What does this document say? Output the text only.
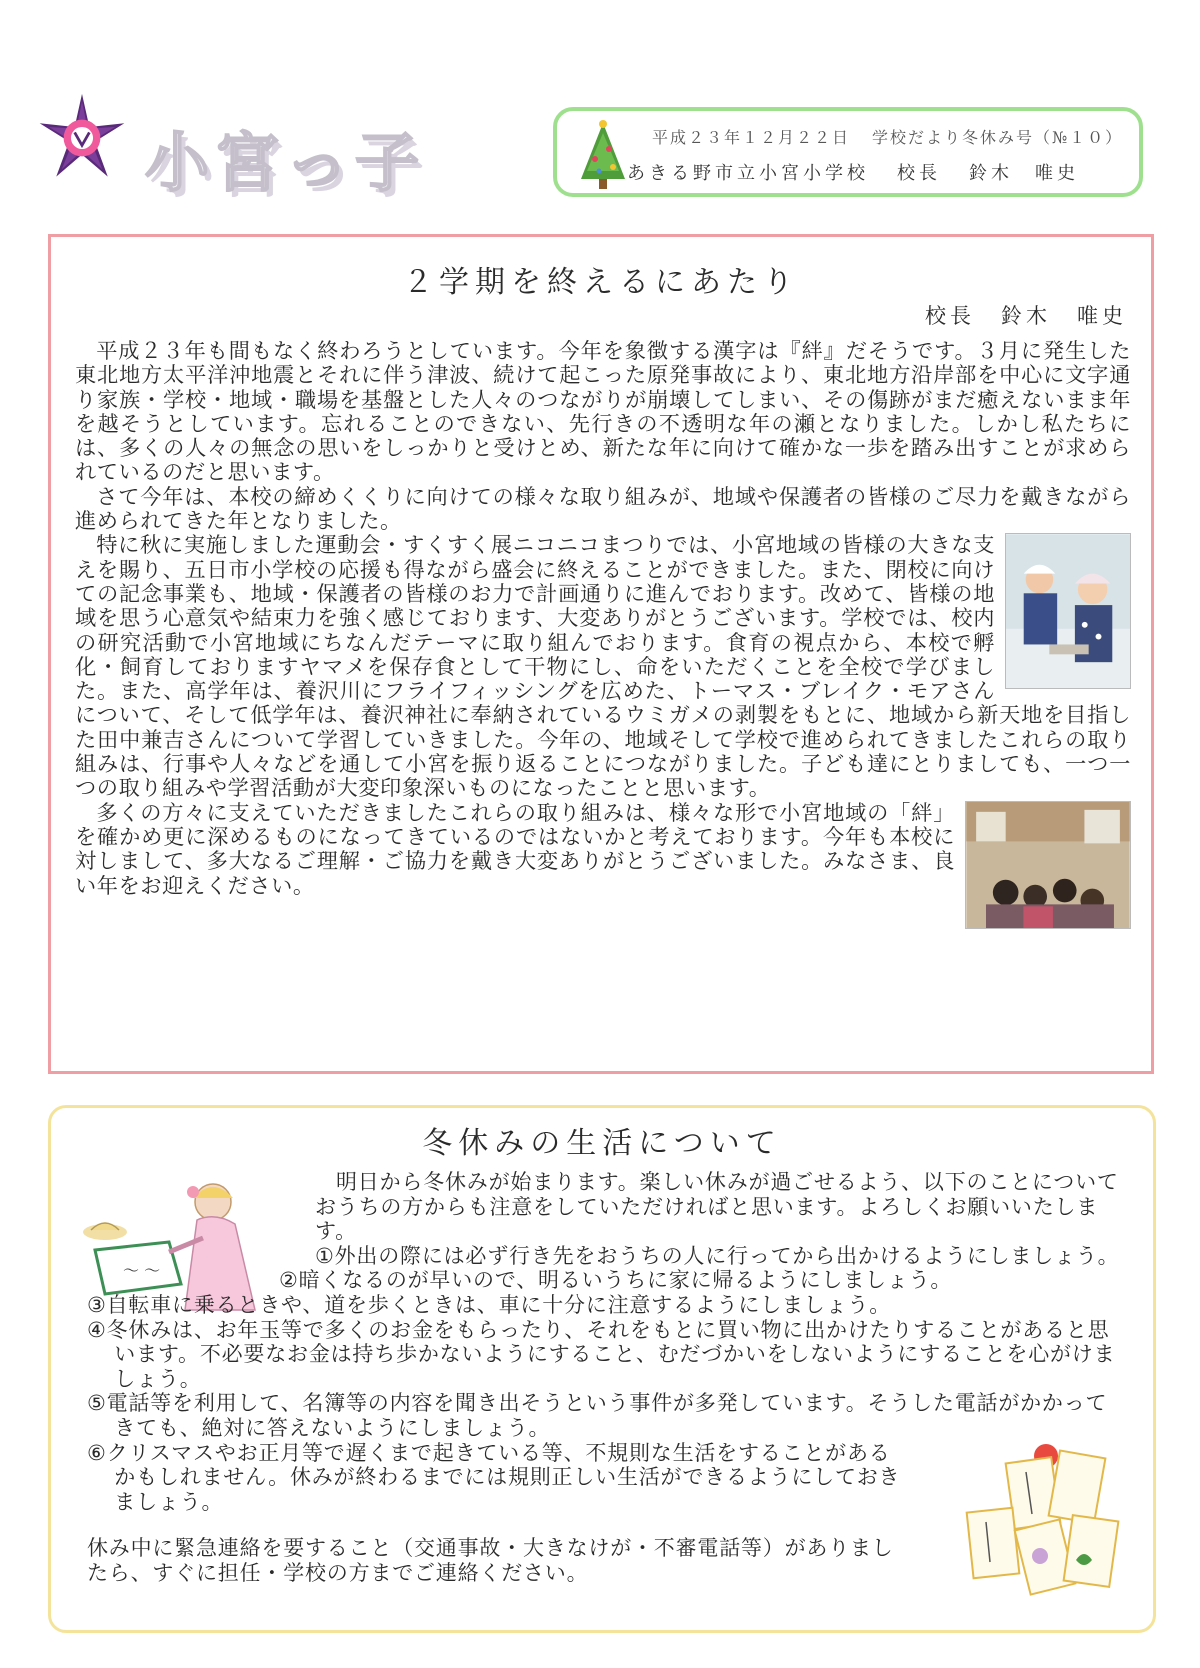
小宮っ子	平成２３年１２月２２日 学校だより冬休み号（№１０）
あきる野市立小宮小学校 校長 鈴木 唯史
２学期を終えるにあたり
校長 鈴木 唯史

平成２３年も間もなく終わろうとしています。今年を象徴する漢字は『絆』だそうです。３月に発生した東北地方太平洋沖地震とそれに伴う津波、続けて起こった原発事故により、東北地方沿岸部を中心に文字通り家族・学校・地域・職場を基盤とした人々のつながりが崩壊してしまい、その傷跡がまだ癒えないまま年を越そうとしています。忘れることのできない、先行きの不透明な年の瀬となりました。しかし私たちには、多くの人々の無念の思いをしっかりと受けとめ、新たな年に向けて確かな一歩を踏み出すことが求められているのだと思います。

さて今年は、本校の締めくくりに向けての様々な取り組みが、地域や保護者の皆様のご尽力を戴きながら進められてきた年となりました。

特に秋に実施しました運動会・すくすく展ニコニコまつりでは、小宮地域の皆様の大きな支えを賜り、五日市小学校の応援も得ながら盛会に終えることができました。また、閉校に向けての記念事業も、地域・保護者の皆様のお力で計画通りに進んでおります。改めて、皆様の地域を思う心意気や結束力を強く感じております、大変ありがとうございます。学校では、校内の研究活動で小宮地域にちなんだテーマに取り組んでおります。食育の視点から、本校で孵化・飼育しておりますヤマメを保存食として干物にし、命をいただくことを全校で学びました。また、高学年は、養沢川にフライフィッシングを広めた、トーマス・ブレイク・モアさんについて、そして低学年は、養沢神社に奉納されているウミガメの剥製をもとに、地域から新天地を目指した田中兼吉さんについて学習していきました。今年の、地域そして学校で進められてきましたこれらの取り組みは、行事や人々などを通して小宮を振り返ることにつながりました。子ども達にとりましても、一つ一つの取り組みや学習活動が大変印象深いものになったことと思います。

多くの方々に支えていただきましたこれらの取り組みは、様々な形で小宮地域の「絆」を確かめ更に深めるものになってきているのではないかと考えております。今年も本校に対しまして、多大なるご理解・ご協力を戴き大変ありがとうございました。みなさま、良い年をお迎えください。

冬休みの生活について
～ ～

明日から冬休みが始まります。楽しい休みが過ごせるよう、以下のことについておうちの方からも注意をしていただければと思います。よろしくお願いいたします。

①外出の際には必ず行き先をおうちの人に行ってから出かけるようにしましょう。

②暗くなるのが早いので、明るいうちに家に帰るようにしましょう。

③自転車に乗るときや、道を歩くときは、車に十分に注意するようにしましょう。

④冬休みは、お年玉等で多くのお金をもらったり、それをもとに買い物に出かけたりすることがあると思います。不必要なお金は持ち歩かないようにすること、むだづかいをしないようにすることを心がけましょう。

⑤電話等を利用して、名簿等の内容を聞き出そうという事件が多発しています。そうした電話がかかってきても、絶対に答えないようにしましょう。

⑥クリスマスやお正月等で遅くまで起きている等、不規則な生活をすることがあるかもしれません。休みが終わるまでには規則正しい生活ができるようにしておきましょう。

休み中に緊急連絡を要すること（交通事故・大きなけが・不審電話等）がありましたら、すぐに担任・学校の方までご連絡ください。
